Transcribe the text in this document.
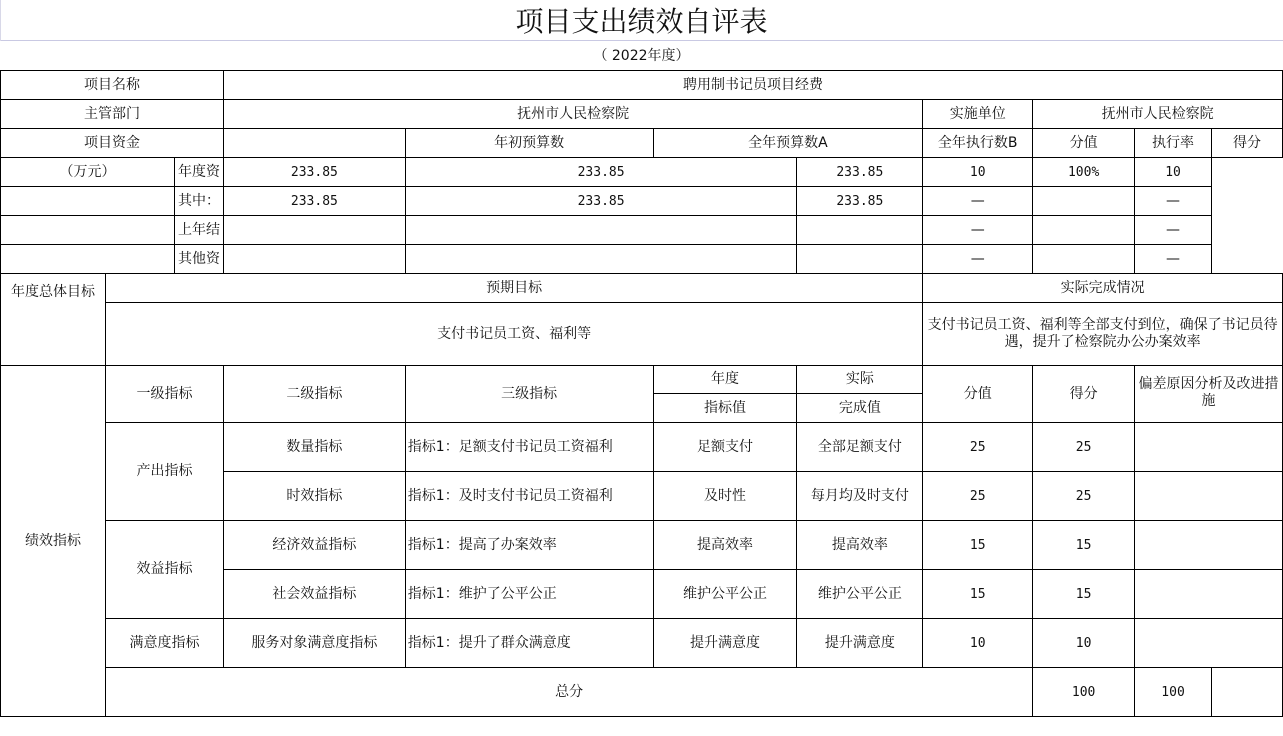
项目支出绩效自评表
（ 2022年度）
项目名称		聘用制书记员项目经费							
主管部门		抚州市人民检察院				实施单位	抚州市人民检察院		
项目资金			年初预算数	全年预算数A		全年执行数B	分值	执行率	得分

（万元） 年度资		233.85	233.85		233.85	10	100%	10	

其中：		233.85	233.85		233.85	—		—	

上年结						—		—	

其他资						—		—	
年度总体目标	预期目标					实际完成情况			
	支付书记员工资、福利等					支付书记员工资、福利等全部支付到位，确保了书记员待遇，提升了检察院办公办案效率			
绩效指标	一级指标	二级指标	三级指标	年度	实际	分值	得分	偏差原因分析及改进措施	
				指标值	完成值				
	产出指标	数量指标	指标1：足额支付书记员工资福利	足额支付	全部足额支付	25	25		
		时效指标	指标1：及时支付书记员工资福利	及时性	每月均及时支付	25	25		
	效益指标	经济效益指标	指标1：提高了办案效率	提高效率	提高效率	15	15		
		社会效益指标	指标1：维护了公平公正	维护公平公正	维护公平公正	15	15		
	满意度指标	服务对象满意度指标	指标1：提升了群众满意度	提升满意度	提升满意度	10	10		
	总分						100	100	
